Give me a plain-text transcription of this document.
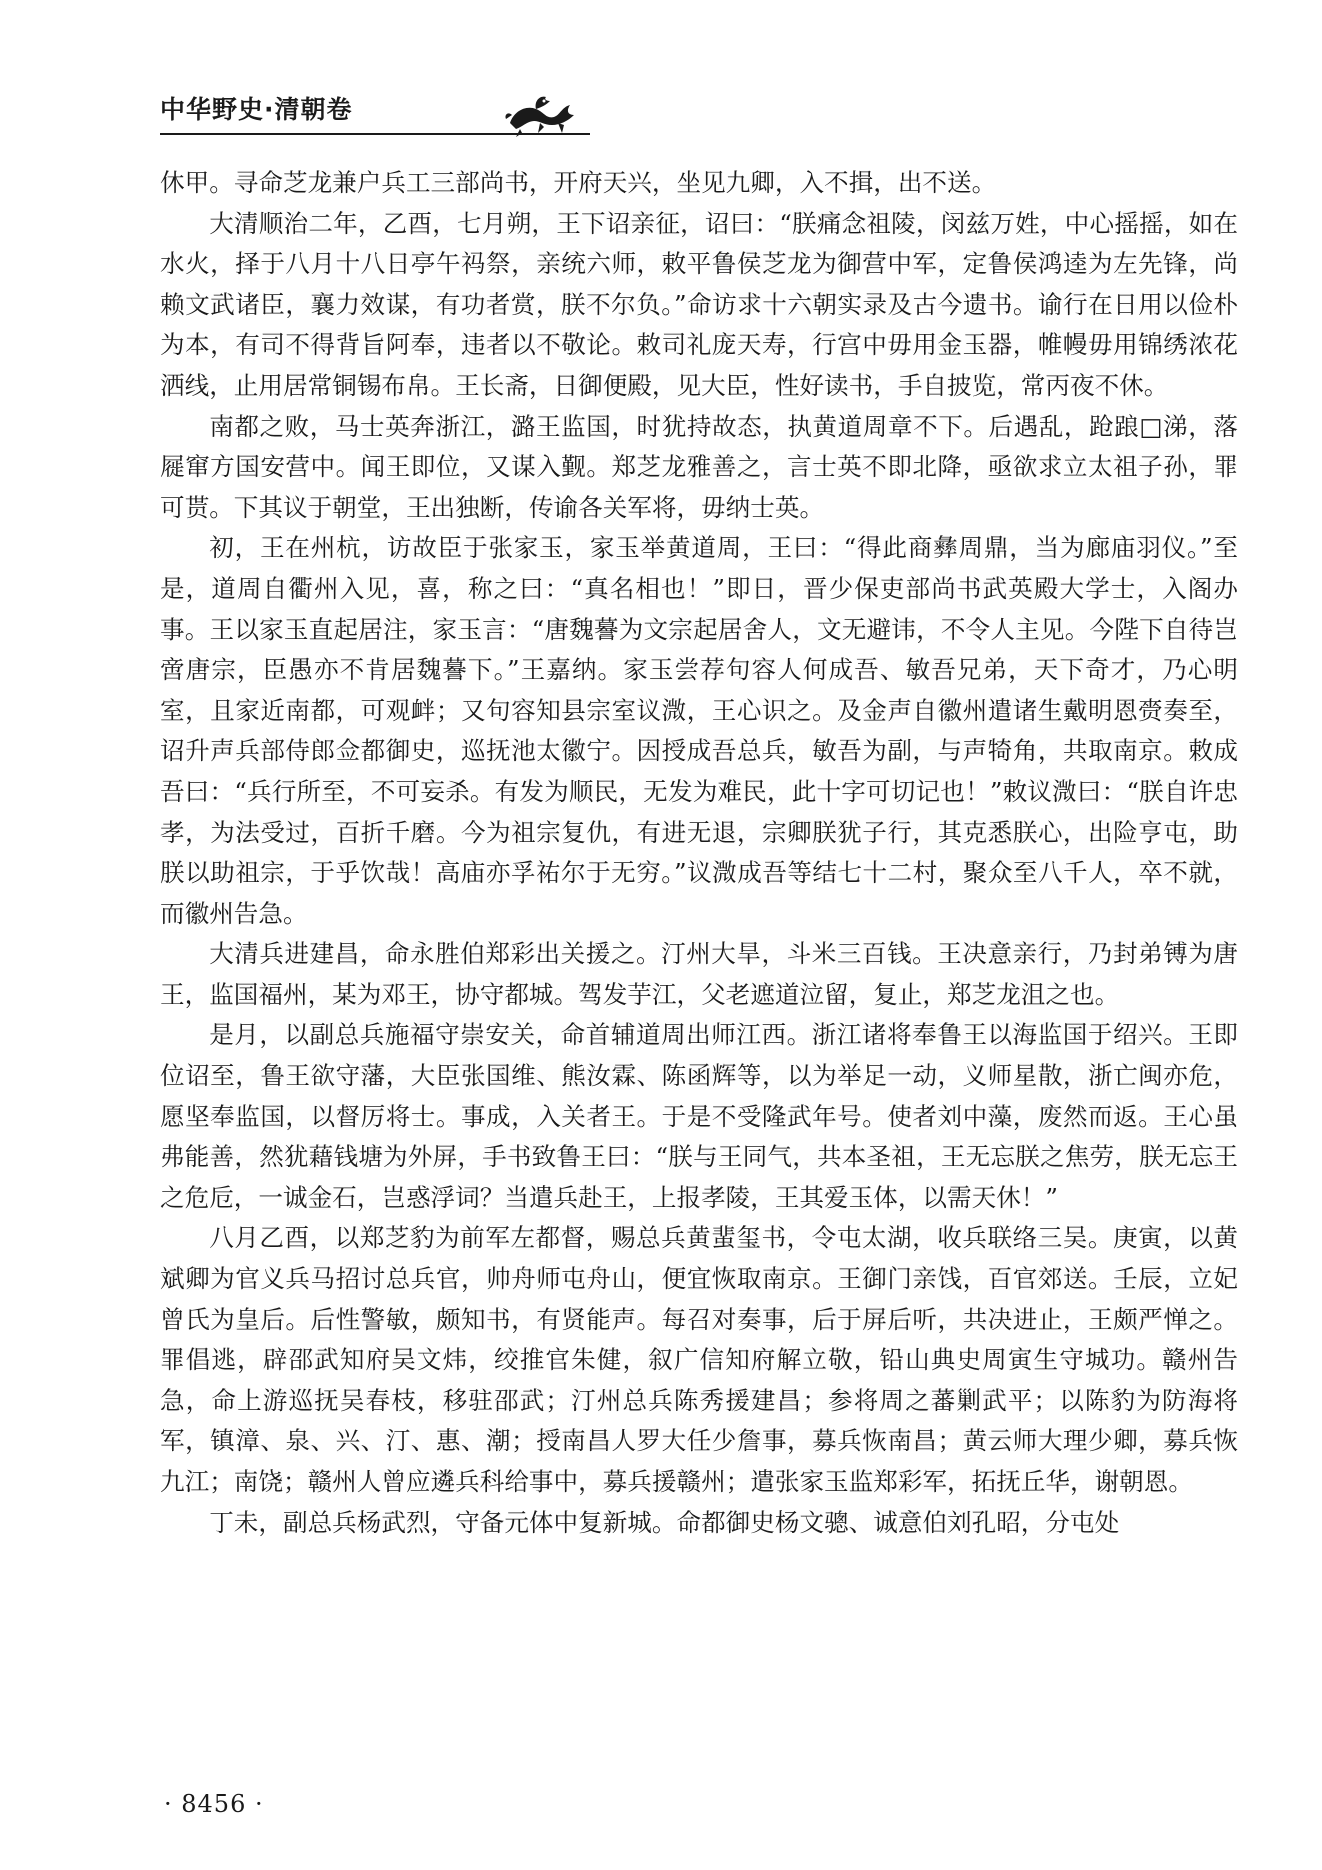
中华野史·清朝卷

休甲。寻命芝龙兼户兵工三部尚书，开府天兴，坐见九卿，入不揖，出不送。

大清顺治二年，乙酉，七月朔，王下诏亲征，诏曰：“朕痛念祖陵，闵兹万姓，中心摇摇，如在水火，择于八月十八日亭午祃祭，亲统六师，敕平鲁侯芝龙为御营中军，定鲁侯鸿逵为左先锋，尚赖文武诸臣，襄力效谋，有功者赏，朕不尔负。”命访求十六朝实录及古今遗书。谕行在日用以俭朴为本，有司不得背旨阿奉，违者以不敬论。敕司礼庞天寿，行宫中毋用金玉器，帷幔毋用锦绣浓花洒线，止用居常铜锡布帛。王长斋，日御便殿，见大臣，性好读书，手自披览，常丙夜不休。

南都之败，马士英奔浙江，潞王监国，时犹持故态，执黄道周章不下。后遇乱，跄踉□涕，落屣窜方国安营中。闻王即位，又谋入觐。郑芝龙雅善之，言士英不即北降，亟欲求立太祖子孙，罪可贳。下其议于朝堂，王出独断，传谕各关军将，毋纳士英。

初，王在州杭，访故臣于张家玉，家玉举黄道周，王曰：“得此商彝周鼎，当为廊庙羽仪。”至是，道周自衢州入见，喜，称之曰：“真名相也！”即日，晋少保吏部尚书武英殿大学士，入阁办事。王以家玉直起居注，家玉言：“唐魏謩为文宗起居舍人，文无避讳，不令人主见。今陛下自待岂啻唐宗，臣愚亦不肯居魏謩下。”王嘉纳。家玉尝荐句容人何成吾、敏吾兄弟，天下奇才，乃心明室，且家近南都，可观衅；又句容知县宗室议溦，王心识之。及金声自徽州遣诸生戴明恩赍奏至，诏升声兵部侍郎佥都御史，巡抚池太徽宁。因授成吾总兵，敏吾为副，与声犄角，共取南京。敕成吾曰：“兵行所至，不可妄杀。有发为顺民，无发为难民，此十字可切记也！”敕议溦曰：“朕自许忠孝，为法受过，百折千磨。今为祖宗复仇，有进无退，宗卿朕犹子行，其克悉朕心，出险亨屯，助朕以助祖宗，于乎饮哉！高庙亦孚祐尔于无穷。”议溦成吾等结七十二村，聚众至八千人，卒不就，而徽州告急。

大清兵进建昌，命永胜伯郑彩出关援之。汀州大旱，斗米三百钱。王决意亲行，乃封弟镈为唐王，监国福州，某为邓王，协守都城。驾发芋江，父老遮道泣留，复止，郑芝龙沮之也。

是月，以副总兵施福守崇安关，命首辅道周出师江西。浙江诸将奉鲁王以海监国于绍兴。王即位诏至，鲁王欲守藩，大臣张国维、熊汝霖、陈函辉等，以为举足一动，义师星散，浙亡闽亦危，愿坚奉监国，以督厉将士。事成，入关者王。于是不受隆武年号。使者刘中藻，废然而返。王心虽弗能善，然犹藉钱塘为外屏，手书致鲁王曰：“朕与王同气，共本圣祖，王无忘朕之焦劳，朕无忘王之危卮，一诚金石，岂惑浮词？当遣兵赴王，上报孝陵，王其爱玉体，以需天休！”

八月乙酉，以郑芝豹为前军左都督，赐总兵黄蜚玺书，令屯太湖，收兵联络三吴。庚寅，以黄斌卿为官义兵马招讨总兵官，帅舟师屯舟山，便宜恢取南京。王御门亲饯，百官郊送。壬辰，立妃曾氏为皇后。后性警敏，颇知书，有贤能声。每召对奏事，后于屏后听，共决进止，王颇严惮之。罪倡逃，辟邵武知府吴文炜，绞推官朱健，叙广信知府解立敬，铅山典史周寅生守城功。赣州告急，命上游巡抚吴春枝，移驻邵武；汀州总兵陈秀援建昌；参将周之蕃剿武平；以陈豹为防海将军，镇漳、泉、兴、汀、惠、潮；授南昌人罗大任少詹事，募兵恢南昌；黄云师大理少卿，募兵恢九江；南饶；赣州人曾应遴兵科给事中，募兵援赣州；遣张家玉监郑彩军，拓抚丘华，谢朝恩。

丁未，副总兵杨武烈，守备元体中复新城。命都御史杨文骢、诚意伯刘孔昭，分屯处

· 8456 ·
